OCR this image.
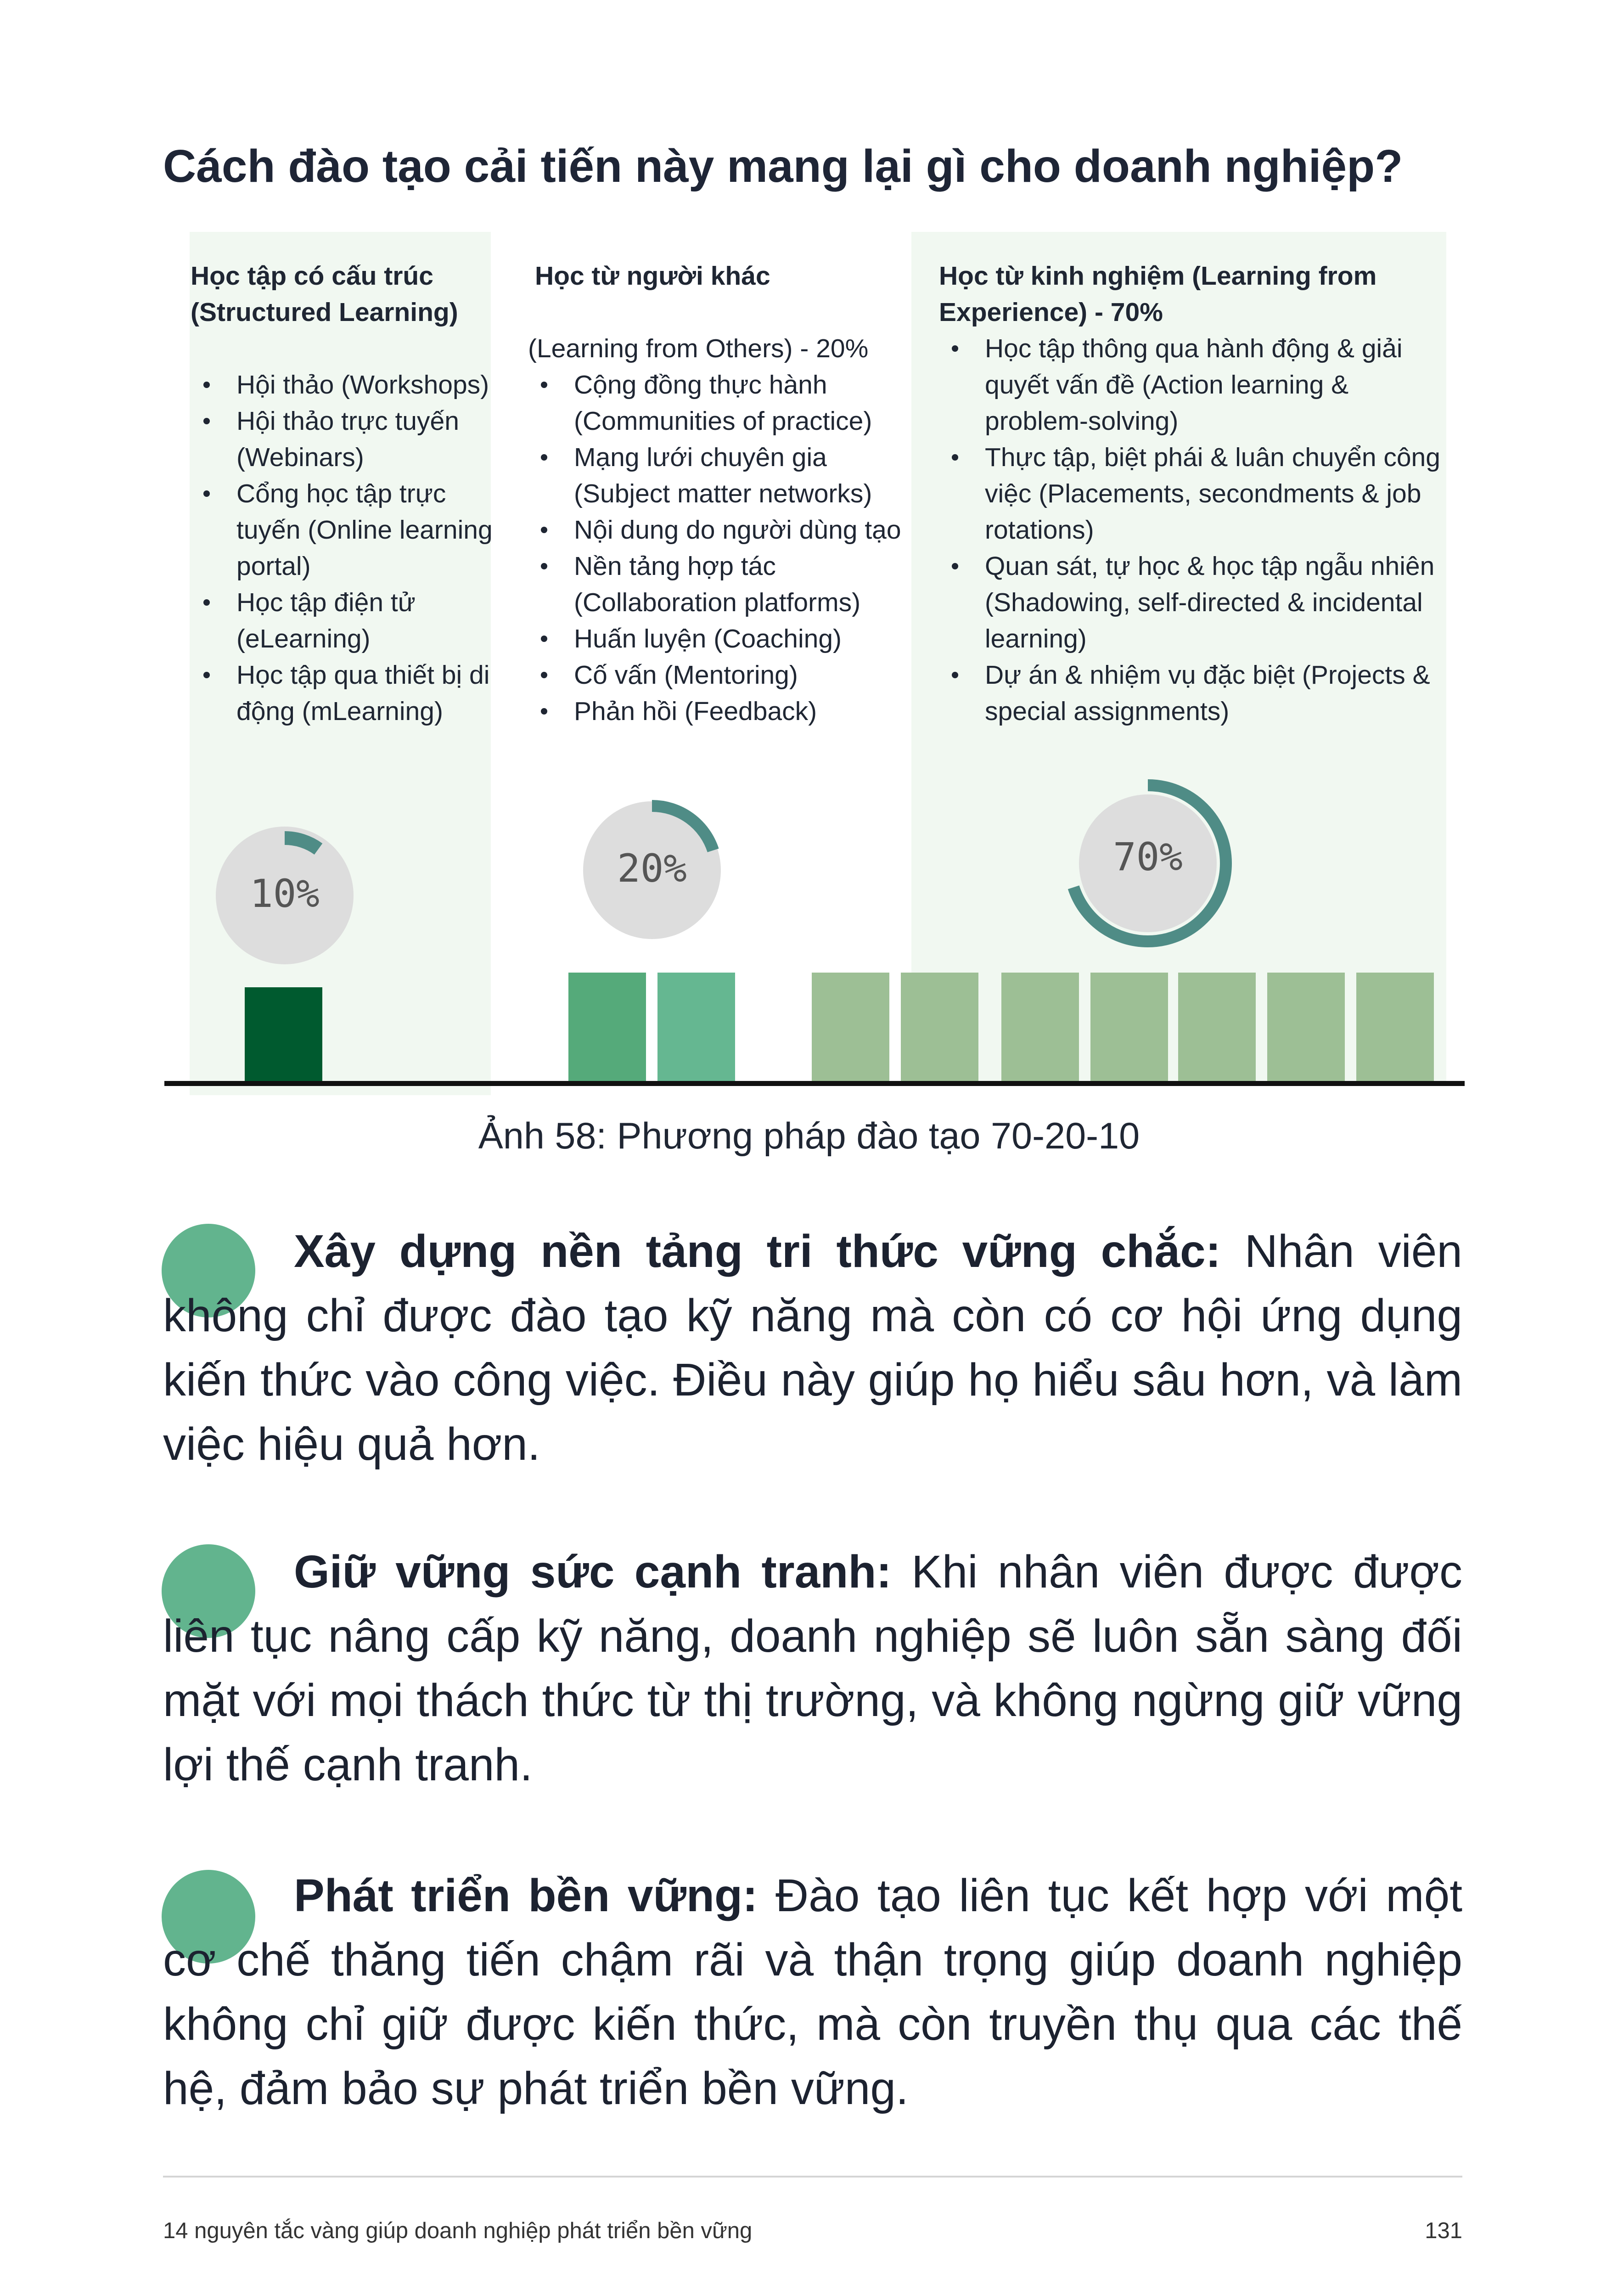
Cách đào tạo cải tiến này mang lại gì cho doanh nghiệp?
Học tập có cấu trúc (Structured Learning)
Hội thảo (Workshops)
Hội thảo trực tuyến (Webinars)
Cổng học tập trực tuyến (Online learning portal)
Học tập điện tử (eLearning)
Học tập qua thiết bị di động (mLearning)
Học từ người khác
(Learning from Others) - 20%
Cộng đồng thực hành (Communities of practice)
Mạng lưới chuyên gia (Subject matter networks)
Nội dung do người dùng tạo
Nền tảng hợp tác (Collaboration platforms)
Huấn luyện (Coaching)
Cố vấn (Mentoring)
Phản hồi (Feedback)
Học từ kinh nghiệm (Learning from Experience) - 70%
Học tập thông qua hành động & giải quyết vấn đề (Action learning & problem-solving)
Thực tập, biệt phái & luân chuyển công việc (Placements, secondments & job rotations)
Quan sát, tự học & học tập ngẫu nhiên (Shadowing, self-directed & incidental learning)
Dự án & nhiệm vụ đặc biệt (Projects & special assignments)
10%
20%	70%
Ảnh 58: Phương pháp đào tạo 70-20-10
Xây dựng nền tảng tri thức vững chắc: Nhân viên không chỉ được đào tạo kỹ năng mà còn có cơ hội ứng dụng kiến thức vào công việc. Điều này giúp họ hiểu sâu hơn, và làm việc hiệu quả hơn.
Giữ vững sức cạnh tranh: Khi nhân viên được được liên tục nâng cấp kỹ năng, doanh nghiệp sẽ luôn sẵn sàng đối mặt với mọi thách thức từ thị trường, và không ngừng giữ vững lợi thế cạnh tranh.
Phát triển bền vững: Đào tạo liên tục kết hợp với một cơ chế thăng tiến chậm rãi và thận trọng giúp doanh nghiệp không chỉ giữ được kiến thức, mà còn truyền thụ qua các thế hệ, đảm bảo sự phát triển bền vững.
14 nguyên tắc vàng giúp doanh nghiệp phát triển bền vững	131
